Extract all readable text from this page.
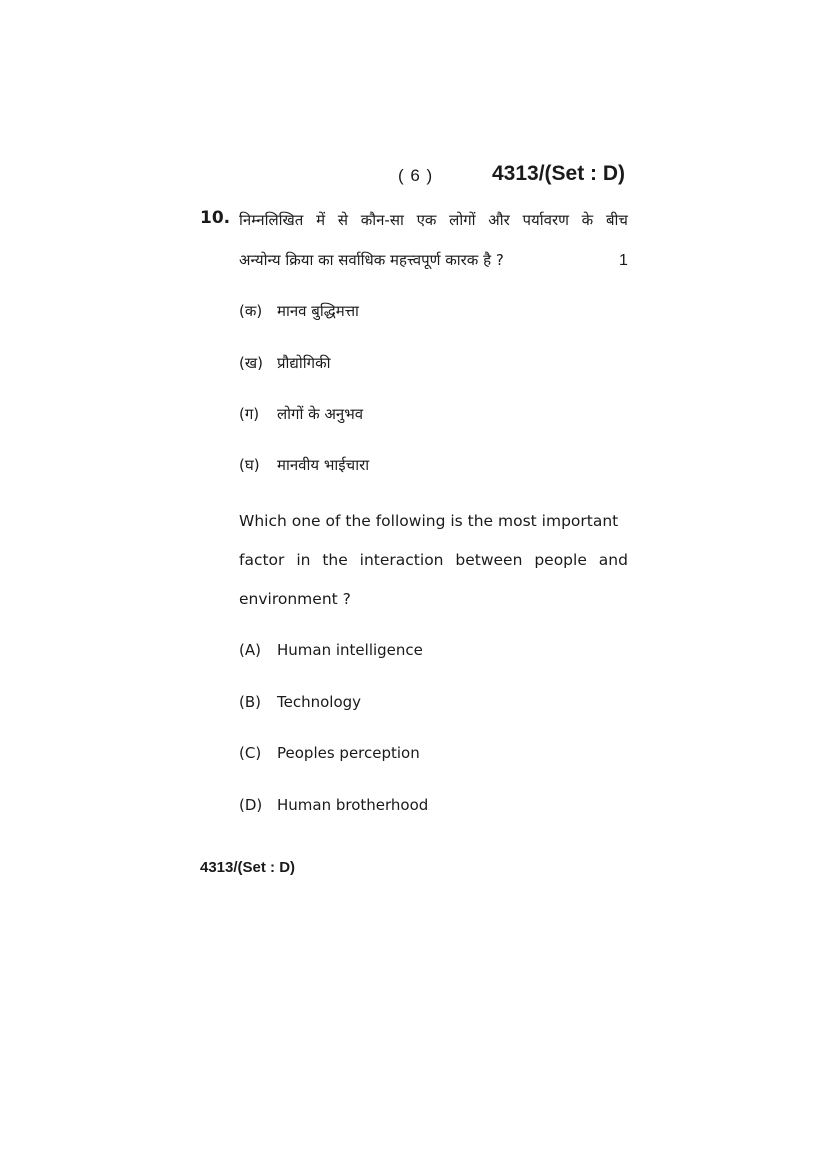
( 6 )	4313/(Set : D)
10. निम्नलिखित में से कौन-सा एक लोगों और पर्यावरण के बीच
अन्योन्य क्रिया का सर्वाधिक महत्त्वपूर्ण कारक है ?	1
(क) मानव बुद्धिमत्ता
(ख) प्रौद्योगिकी
(ग) लोगों के अनुभव
(घ) मानवीय भाईचारा
Which one of the following is the most important
factor in the interaction between people and
environment ?
(A) Human intelligence
(B) Technology
(C) Peoples perception
(D) Human brotherhood
4313/(Set : D)
